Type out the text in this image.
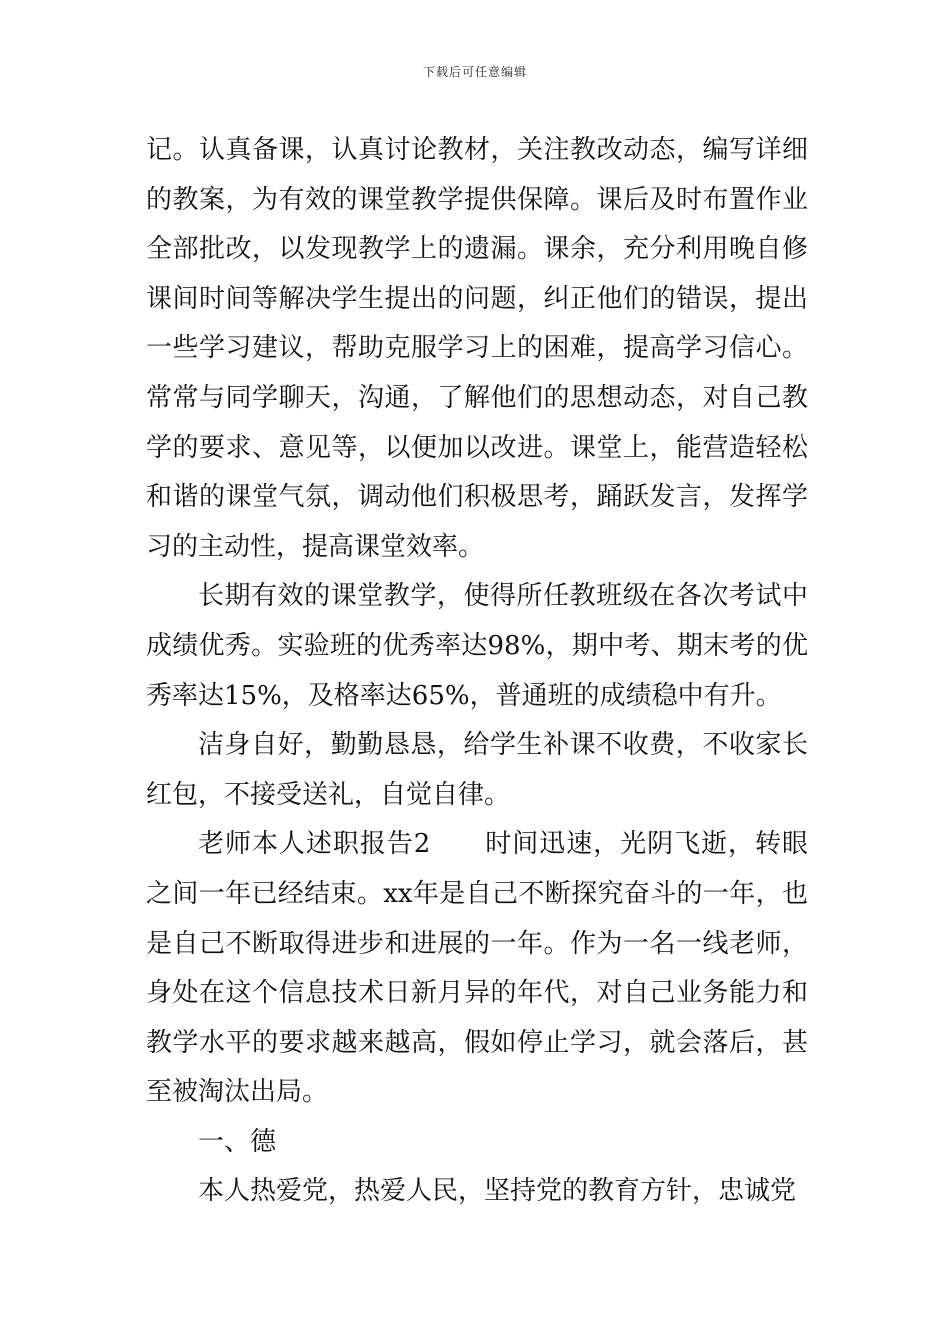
下载后可任意编辑

记。认真备课，认真讨论教材，关注教改动态，编写详细的教案，为有效的课堂教学提供保障。课后及时布置作业全部批改，以发现教学上的遗漏。课余，充分利用晚自修课间时间等解决学生提出的问题，纠正他们的错误，提出一些学习建议，帮助克服学习上的困难，提高学习信心。常常与同学聊天，沟通，了解他们的思想动态，对自己教学的要求、意见等，以便加以改进。课堂上，能营造轻松和谐的课堂气氛，调动他们积极思考，踊跃发言，发挥学习的主动性，提高课堂效率。

长期有效的课堂教学，使得所任教班级在各次考试中成绩优秀。实验班的优秀率达98%，期中考、期末考的优秀率达15%，及格率达65%，普通班的成绩稳中有升。

洁身自好，勤勤恳恳，给学生补课不收费，不收家长红包，不接受送礼，自觉自律。

老师本人述职报告2　　时间迅速，光阴飞逝，转眼之间一年已经结束。xx年是自己不断探究奋斗的一年，也是自己不断取得进步和进展的一年。作为一名一线老师，身处在这个信息技术日新月异的年代，对自己业务能力和教学水平的要求越来越高，假如停止学习，就会落后，甚至被淘汰出局。

一、德

本人热爱党，热爱人民，坚持党的教育方针，忠诚党
